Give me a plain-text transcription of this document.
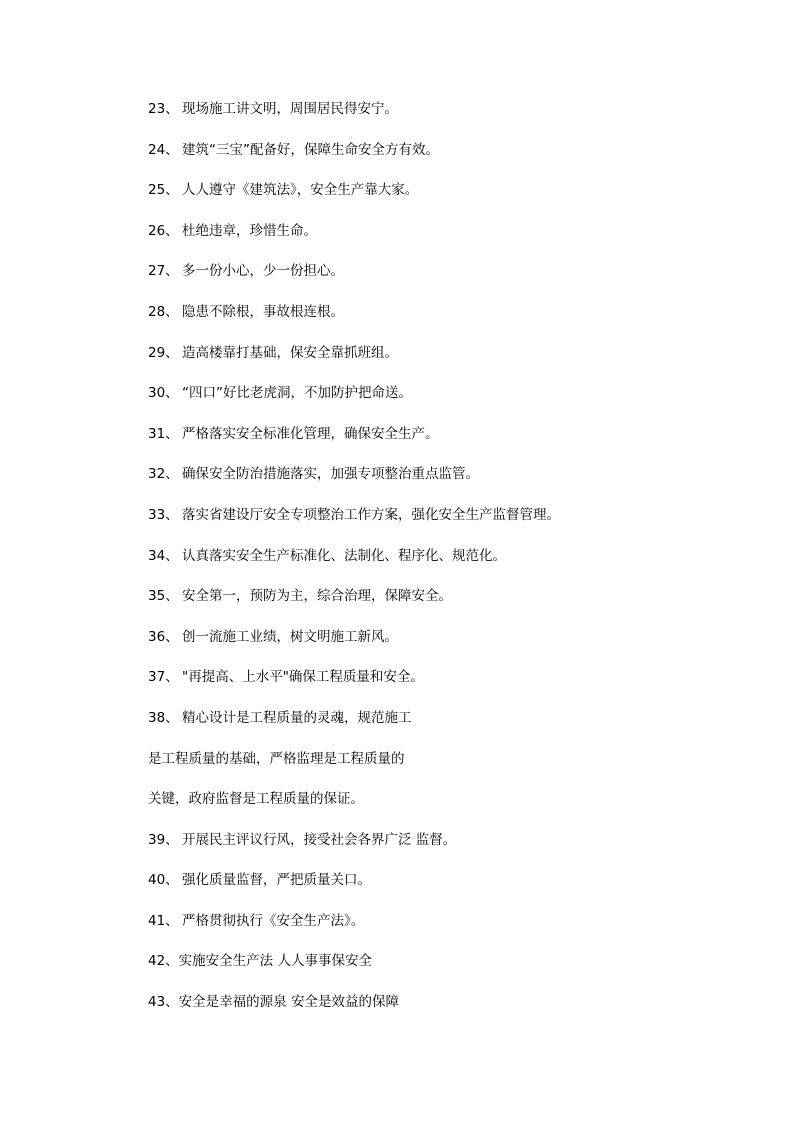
23、 现场施工讲文明，周围居民得安宁。
24、 建筑“三宝”配备好，保障生命安全方有效。
25、 人人遵守《建筑法》，安全生产靠大家。
26、 杜绝违章，珍惜生命。
27、 多一份小心，少一份担心。
28、 隐患不除根，事故根连根。
29、 造高楼靠打基础，保安全靠抓班组。
30、 “四口”好比老虎洞，不加防护把命送。
31、 严格落实安全标准化管理，确保安全生产。
32、 确保安全防治措施落实，加强专项整治重点监管。
33、 落实省建设厅安全专项整治工作方案，强化安全生产监督管理。
34、 认真落实安全生产标准化、法制化、程序化、规范化。
35、 安全第一，预防为主，综合治理，保障安全。
36、 创一流施工业绩，树文明施工新风。
37、 "再提高、上水平"确保工程质量和安全。
38、 精心设计是工程质量的灵魂，规范施工
是工程质量的基础，严格监理是工程质量的
关键，政府监督是工程质量的保证。
39、 开展民主评议行风，接受社会各界广泛 监督。
40、 强化质量监督，严把质量关口。
41、 严格贯彻执行《安全生产法》。
42、实施安全生产法 人人事事保安全
43、安全是幸福的源泉 安全是效益的保障
